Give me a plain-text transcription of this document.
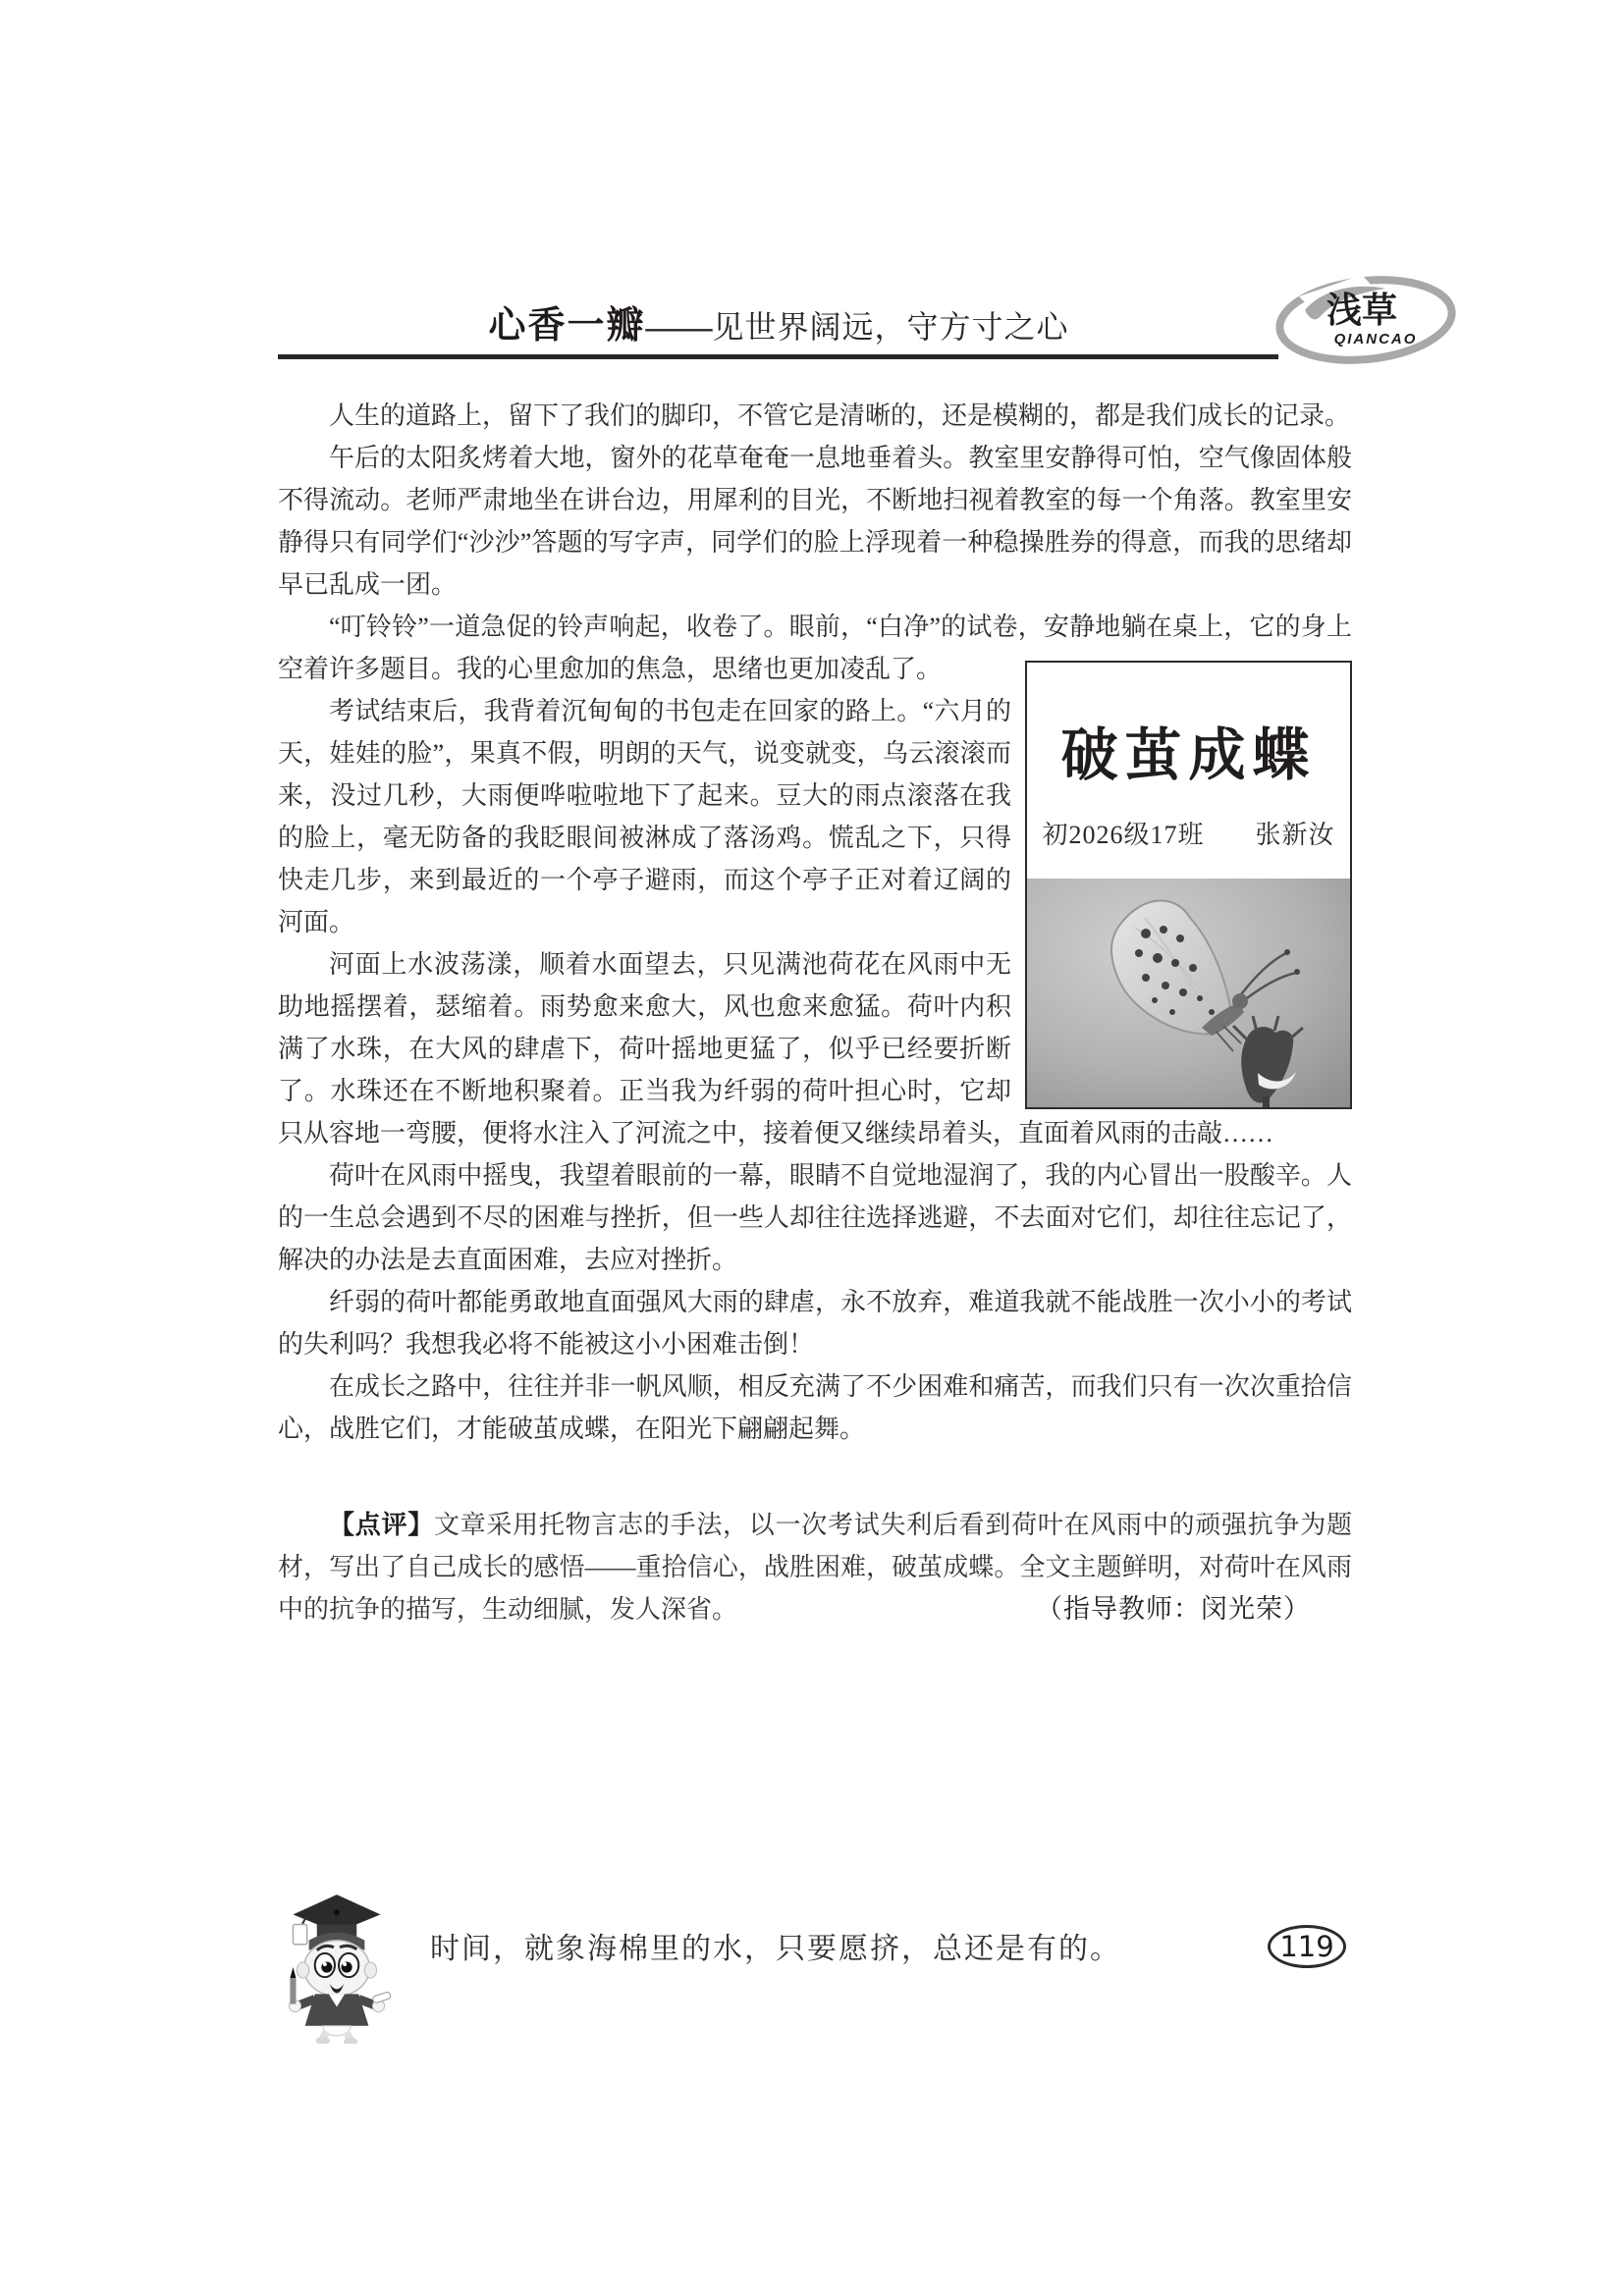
心香一瓣——见世界阔远，守方寸之心	浅草
QIANCAO

人生的道路上，留下了我们的脚印，不管它是清晰的，还是模糊的，都是我们成长的记录。

午后的太阳炙烤着大地，窗外的花草奄奄一息地垂着头。教室里安静得可怕，空气像固体般不得流动。老师严肃地坐在讲台边，用犀利的目光，不断地扫视着教室的每一个角落。教室里安静得只有同学们“沙沙”答题的写字声，同学们的脸上浮现着一种稳操胜券的得意，而我的思绪却早已乱成一团。

“叮铃铃”一道急促的铃声响起，收卷了。眼前，“白净”的试卷，安静地躺在桌上，它的身上空着许多题目。我的心里愈加的焦急，思绪也更加凌乱了。

考试结束后，我背着沉甸甸的书包走在回家的路上。“六月的天，娃娃的脸”，果真不假，明朗的天气，说变就变，乌云滚滚而来，没过几秒，大雨便哗啦啦地下了起来。豆大的雨点滚落在我的脸上，毫无防备的我眨眼间被淋成了落汤鸡。慌乱之下，只得快走几步，来到最近的一个亭子避雨，而这个亭子正对着辽阔的河面。

河面上水波荡漾，顺着水面望去，只见满池荷花在风雨中无助地摇摆着，瑟缩着。雨势愈来愈大，风也愈来愈猛。荷叶内积满了水珠，在大风的肆虐下，荷叶摇地更猛了，似乎已经要折断了。水珠还在不断地积聚着。正当我为纤弱的荷叶担心时，它却只从容地一弯腰，便将水注入了河流之中，接着便又继续昂着头，直面着风雨的击敲……

荷叶在风雨中摇曳，我望着眼前的一幕，眼睛不自觉地湿润了，我的内心冒出一股酸辛。人的一生总会遇到不尽的困难与挫折，但一些人却往往选择逃避，不去面对它们，却往往忘记了，解决的办法是去直面困难，去应对挫折。

纤弱的荷叶都能勇敢地直面强风大雨的肆虐，永不放弃，难道我就不能战胜一次小小的考试的失利吗？我想我必将不能被这小小困难击倒！

在成长之路中，往往并非一帆风顺，相反充满了不少困难和痛苦，而我们只有一次次重拾信心，战胜它们，才能破茧成蝶，在阳光下翩翩起舞。

破茧成蝶
初2026级17班 张新汝

【点评】文章采用托物言志的手法，以一次考试失利后看到荷叶在风雨中的顽强抗争为题材，写出了自己成长的感悟——重拾信心，战胜困难，破茧成蝶。全文主题鲜明，对荷叶在风雨中的抗争的描写，生动细腻，发人深省。	（指导教师：闵光荣）
时间，就象海棉里的水，只要愿挤，总还是有的。	119
